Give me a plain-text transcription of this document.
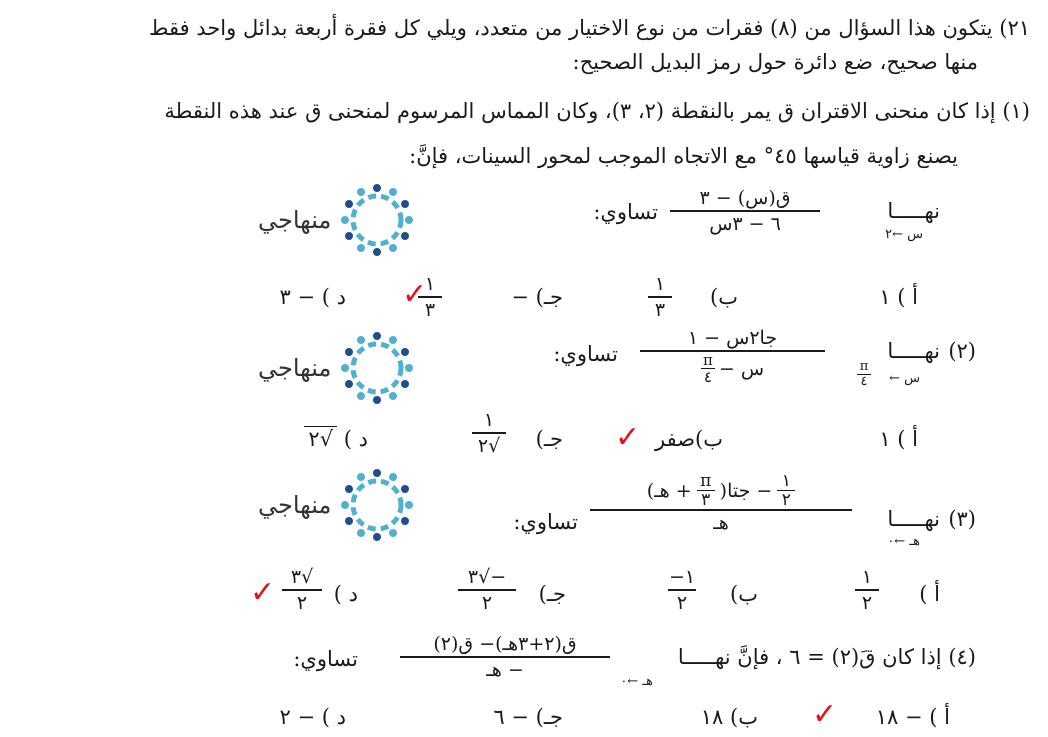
٢١) يتكون هذا السؤال من (٨) فقرات من نوع الاختيار من متعدد، ويلي كل فقرة أربعة بدائل واحد فقط
منها صحيح، ضع دائرة حول رمز البديل الصحيح:
(١) إذا كان منحنى الاقتران ق يمر بالنقطة (٢، ٣)، وكان المماس المرسوم لمنحنى ق عند هذه النقطة
يصنع زاوية قياسها ٤٥° مع الاتجاه الموجب لمحور السينات، فإنَّ:
منهاجي	نهـــــا
س ←٢
ق(س) − ٣
٦ − ٣س
تساوي:
أ ) ١
ب)
١
٣
جـ) −
١
٣
✓
د ) − ٣
منهاجي
(٢)
نهـــــا
س ←
π
٤
جا٢س − ١
س −
π
٤
تساوي:
أ ) ١
ب)صفر
✓
جـ)
١
√٢
د ) √٢
منهاجي	(٣)
نهـــــا
هـ ←٠
١
٢
− جتا(
π
٣
+ هـ)
هـ
تساوي:
أ )
١
٢
ب)
١−
٢
جـ)
−√٣
٢
د )
√٣
٢
✓
(٤) إذا كان قَ(٢) = ٦ ، فإنَّ نهـــــا
هـ ←٠
ق(٢+٣هـ)− ق(٢)
− هـ
تساوي:
أ ) − ١٨
✓
ب) ١٨
جـ) − ٦
د ) − ٢
